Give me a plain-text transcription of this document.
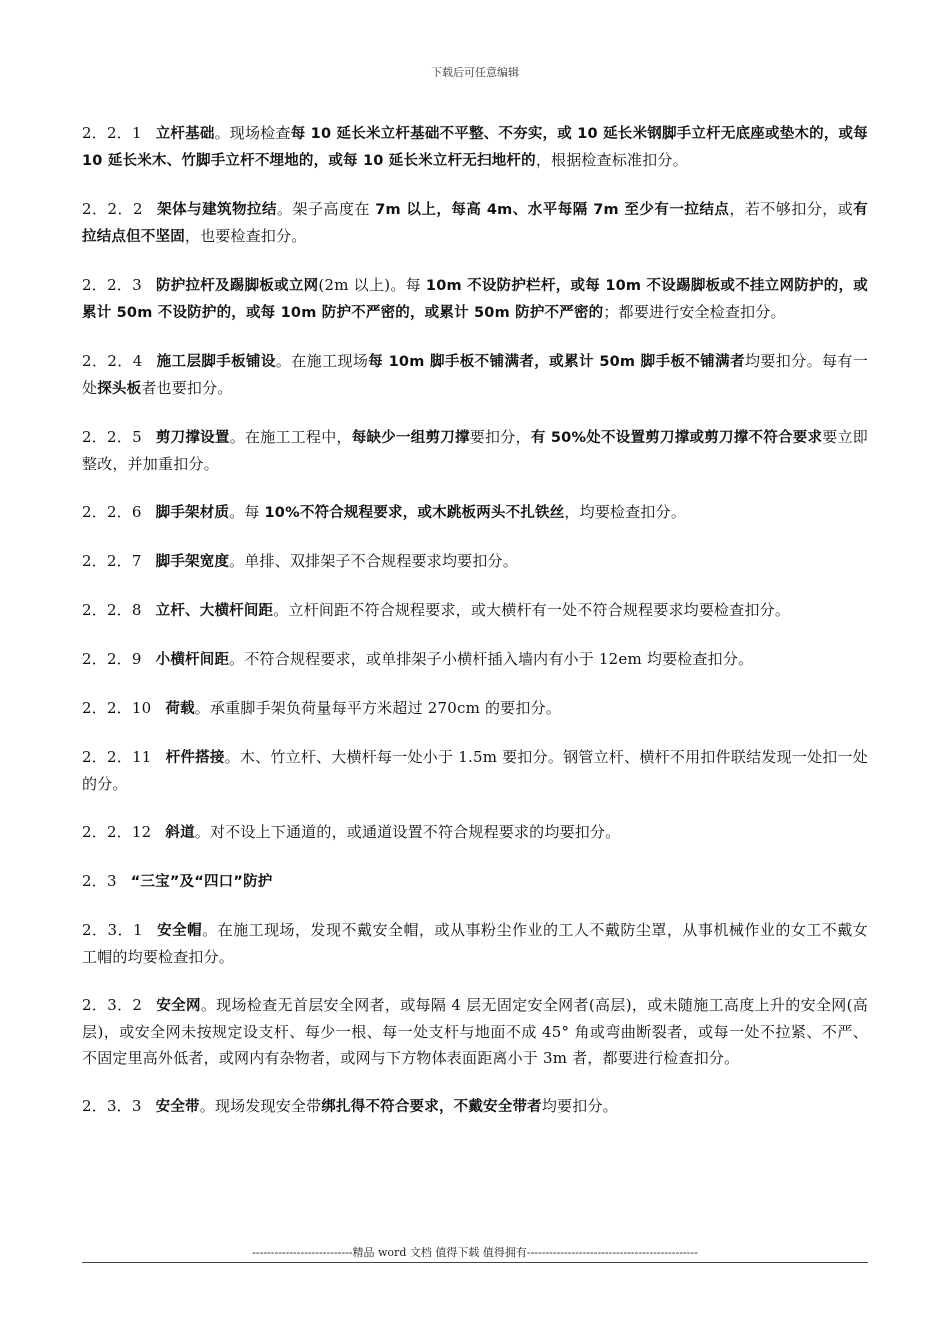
下载后可任意编辑

2．2．1 立杆基础。现场检查每 10 延长米立杆基础不平整、不夯实，或 10 延长米钢脚手立杆无底座或垫木的，或每 10 延长米木、竹脚手立杆不埋地的，或每 10 延长米立杆无扫地杆的，根据检查标准扣分。

2．2．2 架体与建筑物拉结。架子高度在 7m 以上，每高 4m、水平每隔 7m 至少有一拉结点，若不够扣分，或有拉结点但不坚固，也要检查扣分。

2．2．3 防护拉杆及踢脚板或立网(2m 以上)。每 10m 不设防护栏杆，或每 10m 不设踢脚板或不挂立网防护的，或累计 50m 不设防护的，或每 10m 防护不严密的，或累计 50m 防护不严密的；都要进行安全检查扣分。

2．2．4 施工层脚手板铺设。在施工现场每 10m 脚手板不铺满者，或累计 50m 脚手板不铺满者均要扣分。每有一处探头板者也要扣分。

2．2．5 剪刀撑设置。在施工工程中，每缺少一组剪刀撑要扣分，有 50%处不设置剪刀撑或剪刀撑不符合要求要立即整改，并加重扣分。

2．2．6 脚手架材质。每 10%不符合规程要求，或木跳板两头不扎铁丝，均要检查扣分。

2．2．7 脚手架宽度。单排、双排架子不合规程要求均要扣分。

2．2．8 立杆、大横杆间距。立杆间距不符合规程要求，或大横杆有一处不符合规程要求均要检查扣分。

2．2．9 小横杆间距。不符合规程要求，或单排架子小横杆插入墙内有小于 12em 均要检查扣分。

2．2．10 荷载。承重脚手架负荷量每平方米超过 270cm 的要扣分。

2．2．11 杆件搭接。木、竹立杆、大横杆每一处小于 1.5m 要扣分。钢管立杆、横杆不用扣件联结发现一处扣一处的分。

2．2．12 斜道。对不设上下通道的，或通道设置不符合规程要求的均要扣分。

2．3 “三宝”及“四口”防护

2．3．1 安全帽。在施工现场，发现不戴安全帽，或从事粉尘作业的工人不戴防尘罩，从事机械作业的女工不戴女工帽的均要检查扣分。

2．3．2 安全网。现场检查无首层安全网者，或每隔 4 层无固定安全网者(高层)，或未随施工高度上升的安全网(高层)，或安全网未按规定设支杆、每少一根、每一处支杆与地面不成 45° 角或弯曲断裂者，或每一处不拉紧、不严、不固定里高外低者，或网内有杂物者，或网与下方物体表面距离小于 3m 者，都要进行检查扣分。

2．3．3 安全带。现场发现安全带绑扎得不符合要求，不戴安全带者均要扣分。

---------------------------精品 word 文档 值得下载 值得拥有----------------------------------------------
